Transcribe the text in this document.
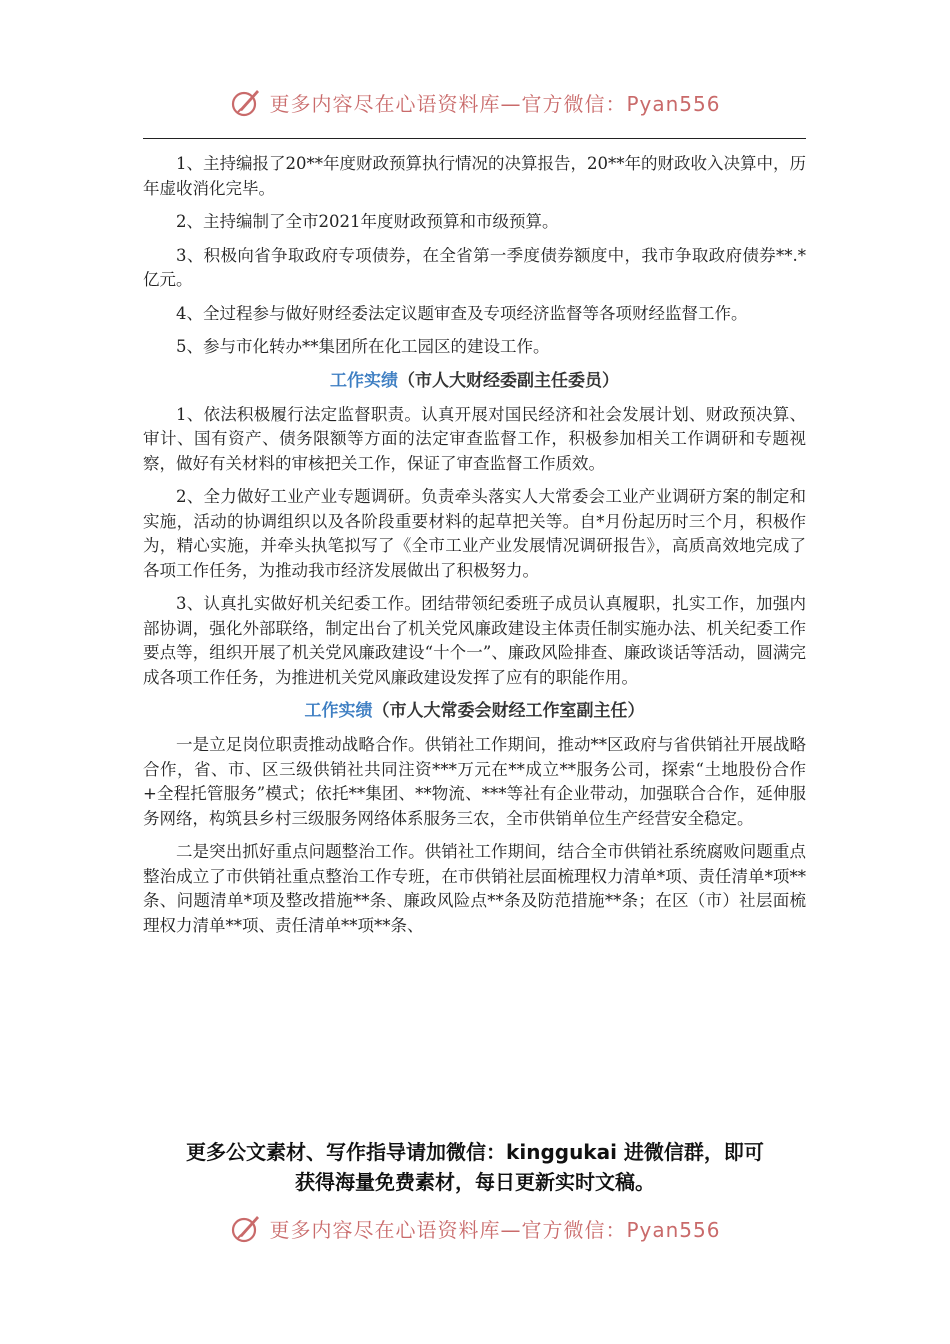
更多内容尽在心语资料库—官方微信：Pyan556

1、主持编报了20**年度财政预算执行情况的决算报告，20**年的财政收入决算中，历年虚收消化完毕。

2、主持编制了全市2021年度财政预算和市级预算。

3、积极向省争取政府专项债券，在全省第一季度债券额度中，我市争取政府债券**.*亿元。

4、全过程参与做好财经委法定议题审查及专项经济监督等各项财经监督工作。

5、参与市化转办**集团所在化工园区的建设工作。

工作实绩（市人大财经委副主任委员）

1、依法积极履行法定监督职责。认真开展对国民经济和社会发展计划、财政预决算、审计、国有资产、债务限额等方面的法定审查监督工作，积极参加相关工作调研和专题视察，做好有关材料的审核把关工作，保证了审查监督工作质效。

2、全力做好工业产业专题调研。负责牵头落实人大常委会工业产业调研方案的制定和实施，活动的协调组织以及各阶段重要材料的起草把关等。自*月份起历时三个月，积极作为，精心实施，并牵头执笔拟写了《全市工业产业发展情况调研报告》，高质高效地完成了各项工作任务，为推动我市经济发展做出了积极努力。

3、认真扎实做好机关纪委工作。团结带领纪委班子成员认真履职，扎实工作，加强内部协调，强化外部联络，制定出台了机关党风廉政建设主体责任制实施办法、机关纪委工作要点等，组织开展了机关党风廉政建设“十个一”、廉政风险排查、廉政谈话等活动，圆满完成各项工作任务，为推进机关党风廉政建设发挥了应有的职能作用。

工作实绩（市人大常委会财经工作室副主任）

一是立足岗位职责推动战略合作。供销社工作期间，推动**区政府与省供销社开展战略合作，省、市、区三级供销社共同注资***万元在**成立**服务公司，探索“土地股份合作+全程托管服务”模式；依托**集团、**物流、***等社有企业带动，加强联合合作，延伸服务网络，构筑县乡村三级服务网络体系服务三农，全市供销单位生产经营安全稳定。

二是突出抓好重点问题整治工作。供销社工作期间，结合全市供销社系统腐败问题重点整治成立了市供销社重点整治工作专班，在市供销社层面梳理权力清单*项、责任清单*项**条、问题清单*项及整改措施**条、廉政风险点**条及防范措施**条；在区（市）社层面梳理权力清单**项、责任清单**项**条、

更多公文素材、写作指导请加微信：kinggukai 进微信群，即可
获得海量免费素材，每日更新实时文稿。
更多内容尽在心语资料库—官方微信：Pyan556
